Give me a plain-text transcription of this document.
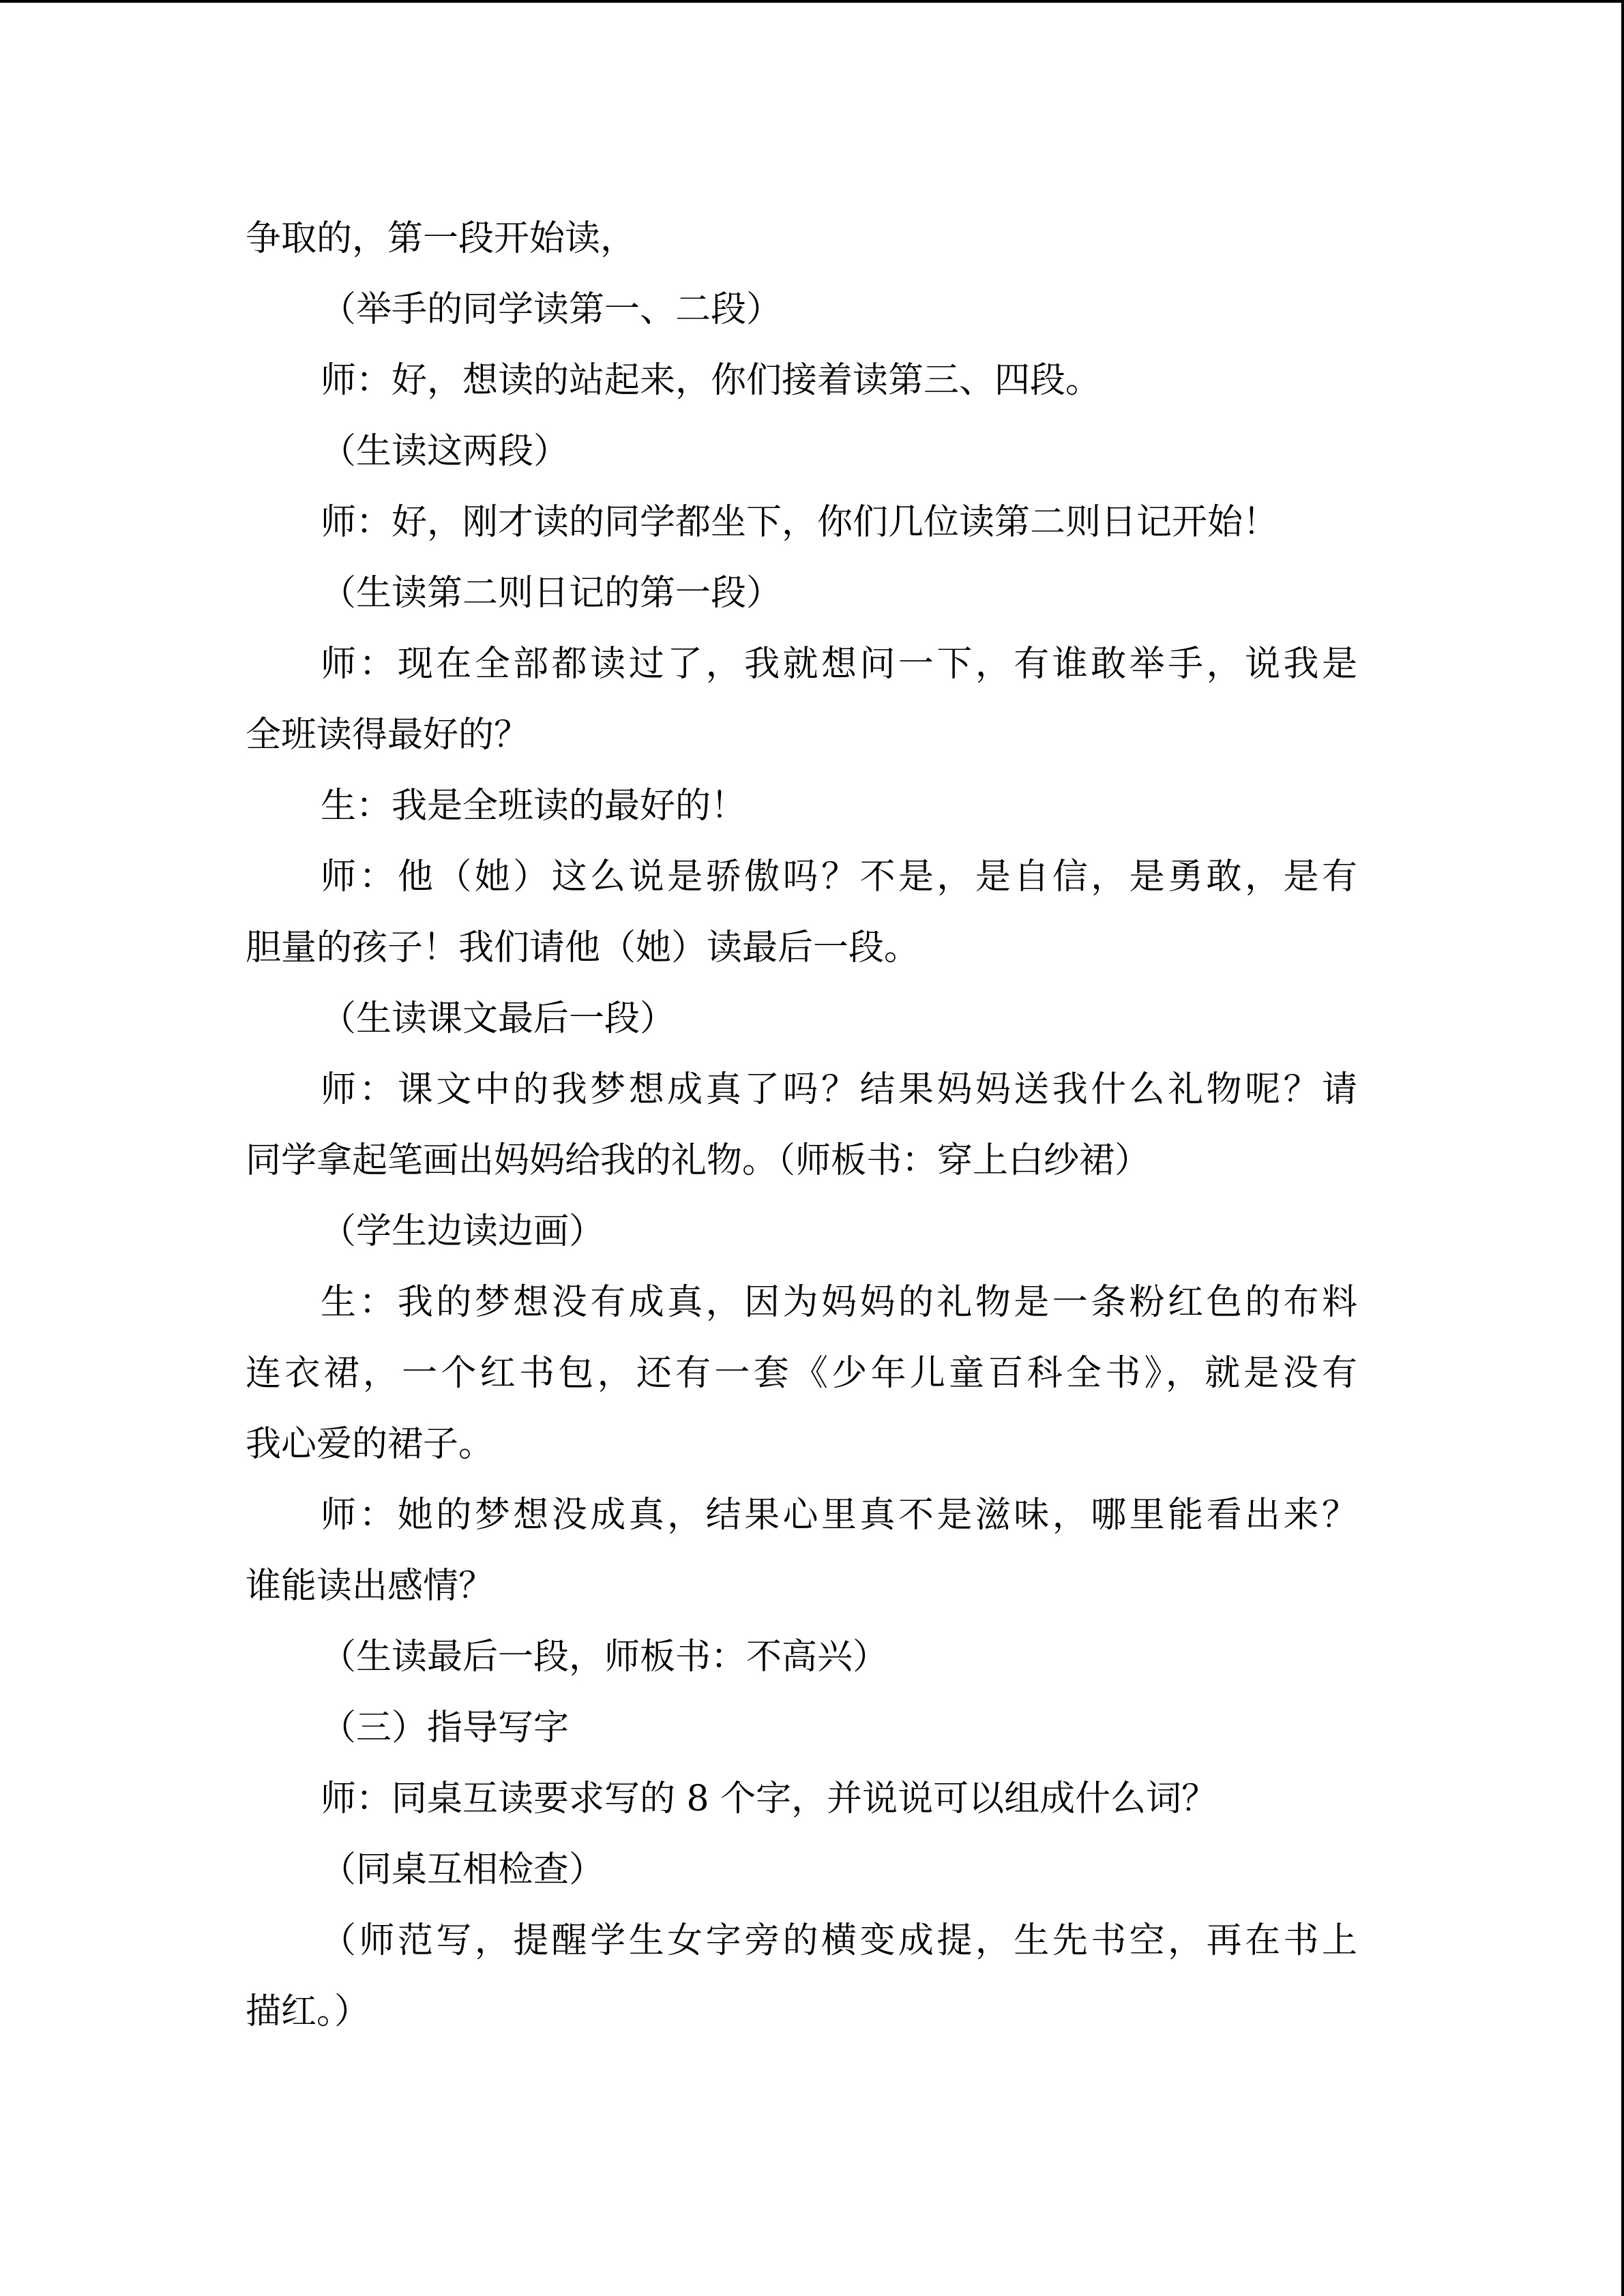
争取的，第一段开始读，

（举手的同学读第一、二段）

师：好，想读的站起来，你们接着读第三、四段。

（生读这两段）

师：好，刚才读的同学都坐下，你们几位读第二则日记开始！

（生读第二则日记的第一段）

师：现在全部都读过了，我就想问一下，有谁敢举手，说我是

全班读得最好的？

生：我是全班读的最好的！

师：他（她）这么说是骄傲吗？不是，是自信，是勇敢，是有

胆量的孩子！我们请他（她）读最后一段。

（生读课文最后一段）

师：课文中的我梦想成真了吗？结果妈妈送我什么礼物呢？请

同学拿起笔画出妈妈给我的礼物。（师板书：穿上白纱裙）

（学生边读边画）

生：我的梦想没有成真，因为妈妈的礼物是一条粉红色的布料

连衣裙，一个红书包，还有一套《少年儿童百科全书》，就是没有

我心爱的裙子。

师：她的梦想没成真，结果心里真不是滋味，哪里能看出来？

谁能读出感情？

（生读最后一段，师板书：不高兴）

（三）指导写字

师：同桌互读要求写的 8 个字，并说说可以组成什么词？

（同桌互相检查）

（师范写，提醒学生女字旁的横变成提，生先书空，再在书上

描红。）
